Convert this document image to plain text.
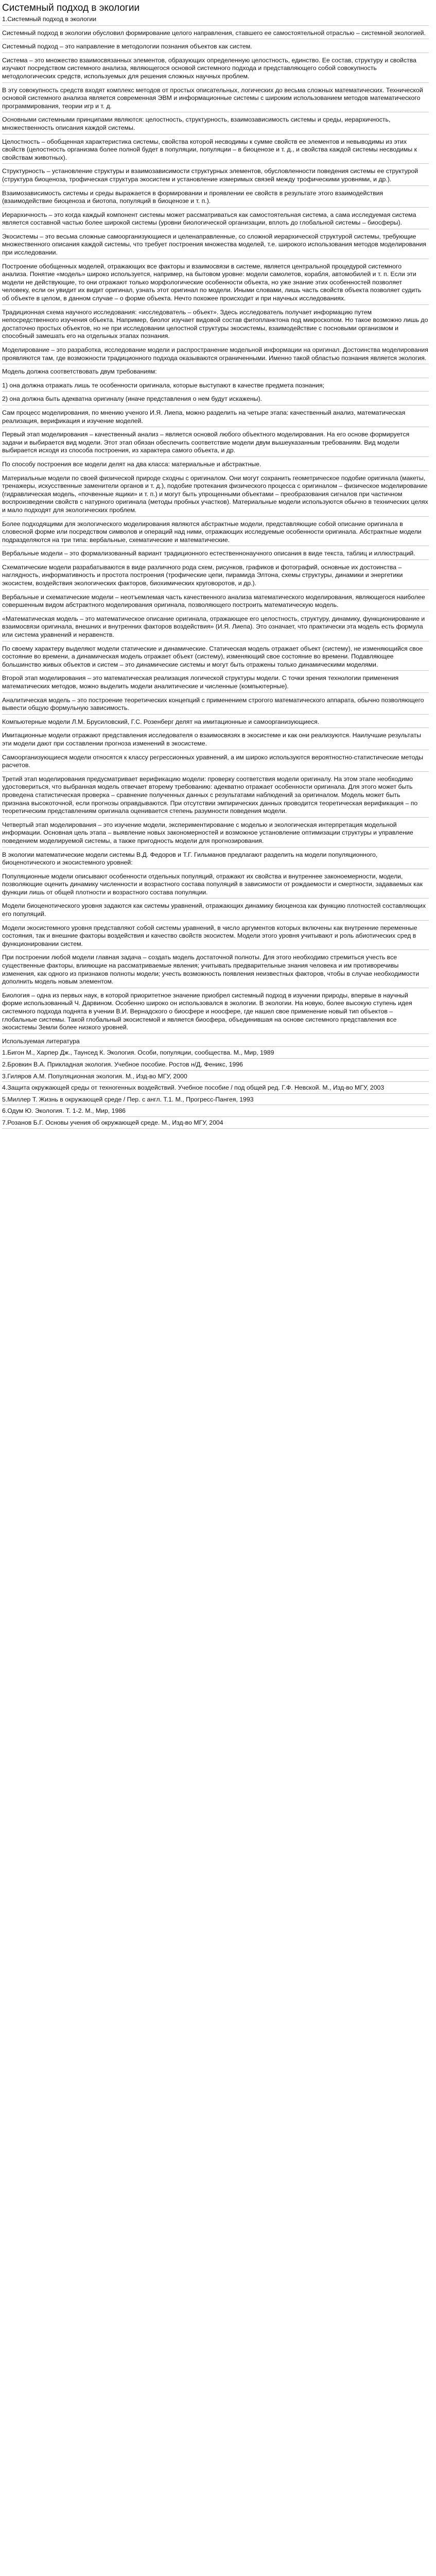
Системный подход в экологии

1.Системный подход в экологии

Системный подход в экологии обусловил формирование целого направления, ставшего ее самостоятельной отраслью – системной экологией.

Системный подход – это направление в методологии познания объектов как систем.

Система – это множество взаимосвязанных элементов, образующих определенную целостность, единство. Ее состав, структуру и свойства изучают посредством системного анализа, являющегося основой системного подхода и представляющего собой совокупность методологических средств, используемых для решения сложных научных проблем.

В эту совокупность средств входят комплекс методов от простых описательных, логических до весьма сложных математических. Технической основой системного анализа является современная ЭВМ и информационные системы с широким использованием методов математического программирования, теории игр и т. д.

Основными системными принципами являются: целостность, структурность, взаимозависимость системы и среды, иерархичность, множественность описания каждой системы.

Целостность – обобщенная характеристика системы, свойства которой несводимы к сумме свойств ее элементов и невыводимы из этих свойств (целостность организма более полной будет в популяции, популяции – в биоценозе и т. д., и свойства каждой системы несводимы к свойствам животных).

Структурность – установление структуры и взаимозависимости структурных элементов, обусловленности поведения системы ее структурой (структура биоценоза, трофическая структура экосистем и установление измеримых связей между трофическими уровнями, и др.).

Взаимозависимость системы и среды выражается в формировании и проявлении ее свойств в результате этого взаимодействия (взаимодействие биоценоза и биотопа, популяций в биоценозе и т. п.).

Иерархичность – это когда каждый компонент системы может рассматриваться как самостоятельная система, а сама исследуемая система является составной частью более широкой системы (уровни биологической организации, вплоть до глобальной системы – биосферы).

Экосистемы – это весьма сложные самоорганизующиеся и целенаправленные, со сложной иерархической структурой системы, требующие множественного описания каждой системы, что требует построения множества моделей, т.е. широкого использования методов моделирования при исследовании.

Построение обобщенных моделей, отражающих все факторы и взаимосвязи в системе, является центральной процедурой системного анализа. Понятие «модель» широко используется, например, на бытовом уровне: модели самолетов, корабля, автомобилей и т. п. Если эти модели не действующие, то они отражают только морфологические особенности объекта, но уже знание этих особенностей позволяет человеку, если он увидит их видит оригинал, узнать этот оригинал по модели. Иными словами, лишь часть свойств объекта позволяет судить об объекте в целом, в данном случае – о форме объекта. Нечто похожее происходит и при научных исследованиях.

Традиционная схема научного исследования: «исследователь – объект». Здесь исследователь получает информацию путем непосредственного изучения объекта. Например, биолог изучает видовой состав фитопланктона под микроскопом. Но такое возможно лишь до достаточно простых объектов, но не при исследовании целостной структуры экосистемы, взаимодействие с посновыми организмом и способный замешать его на отдельных этапах познания.

Моделирование – это разработка, исследование модели и распространение модельной информации на оригинал. Достоинства моделирования проявляются там, где возможности традиционного подхода оказываются ограниченными. Именно такой областью познания является экология.

Модель должна соответствовать двум требованиям:

1) она должна отражать лишь те особенности оригинала, которые выступают в качестве предмета познания;

2) она должна быть адекватна оригиналу (иначе представления о нем будут искажены).

Сам процесс моделирования, по мнению ученого И.Я. Лиепа, можно разделить на четыре этапа: качественный анализ, математическая реализация, верификация и изучение моделей.

Первый этап моделирования – качественный анализ – является основой любого объектного моделирования. На его основе формируется задачи и выбирается вид модели. Этот этап обязан обеспечить соответствие модели двум вышеуказанным требованиям. Вид модели выбирается исходя из способа построения, из характера самого объекта, и др.

По способу построения все модели делят на два класса: материальные и абстрактные.

Материальные модели по своей физической природе сходны с оригиналом. Они могут сохранить геометрическое подобие оригинала (макеты, тренажеры, искусственные заменители органов и т. д.), подобие протекания физического процесса с оригиналом – физическое моделирование (гидравлическая модель, «почвенные ящики» и т. п.) и могут быть упрощенными объектами – преобразования сигналов при частичном воспроизведении свойств с натурного оригинала (методы пробных участков). Материальные модели используются обычно в технических целях и мало подходят для экологических проблем.

Более подходящими для экологического моделирования являются абстрактные модели, представляющие собой описание оригинала в словесной форме или посредством символов и операций над ними, отражающих исследуемые особенности оригинала. Абстрактные модели подразделяются на три типа: вербальные, схематические и математические.

Вербальные модели – это формализованный вариант традиционного естественнонаучного описания в виде текста, таблиц и иллюстраций.

Схематические модели разрабатываются в виде различного рода схем, рисунков, графиков и фотографий, основные их достоинства – наглядность, информативность и простота построения (трофические цепи, пирамида Элтона, схемы структуры, динамики и энергетики экосистем, воздействия экологических факторов, биохимических круговоротов, и др.).

Вербальные и схематические модели – неотъемлемая часть качественного анализа математического моделирования, являющегося наиболее совершенным видом абстрактного моделирования оригинала, позволяющего построить математическую модель.

«Математическая модель – это математическое описание оригинала, отражающее его целостность, структуру, динамику, функционирование и взаимосвязи оригинала, внешних и внутренних факторов воздействия» (И.Я. Лиепа). Это означает, что практически эта модель есть формула или система уравнений и неравенств.

По своему характеру выделяют модели статические и динамические. Статическая модель отражает объект (систему), не изменяющийся свое состояние во времени, а динамическая модель отражает объект (систему), изменяющий свое состояние во времени. Подавляющее большинство живых объектов и систем – это динамические системы и могут быть отражены только динамическими моделями.

Второй этап моделирования – это математическая реализация логической структуры модели. С точки зрения технологии применения математических методов, можно выделить модели аналитические и численные (компьютерные).

Аналитическая модель – это построение теоретических концепций с применением строгого математического аппарата, обычно позволяющего вывести общую формульную зависимость.

Компьютерные модели Л.М. Брусиловский, Г.С. Розенберг делят на имитационные и самоорганизующиеся.

Имитационные модели отражают представления исследователя о взаимосвязях в экосистеме и как они реализуются. Наилучшие результаты эти модели дают при составлении прогноза изменений в экосистеме.

Самоорганизующиеся модели относятся к классу регрессионных уравнений, а им широко используются вероятностно-статистические методы расчетов.

Третий этап моделирования предусматривает верификацию модели: проверку соответствия модели оригиналу. На этом этапе необходимо удостовериться, что выбранная модель отвечает вторему требованию: адекватно отражает особенности оригинала. Для этого может быть проведена статистическая проверка – сравнение полученных данных с результатами наблюдений за оригиналом. Модель может быть признана высокоточной, если прогнозы оправдываются. При отсутствии эмпирических данных проводится теоретическая верификация – по теоретическим представлениям оригинала оценивается степень разумности поведения модели.

Четвертый этап моделирования – это изучение модели, экспериментирование с моделью и экологическая интерпретация модельной информации. Основная цель этапа – выявление новых закономерностей и возможное установление оптимизации структуры и управление поведением моделируемой системы, а также пригодность модели для прогнозирования.

В экологии математические модели системы В.Д. Федоров и Т.Г. Гильманов предлагают разделить на модели популяционного, биоценотического и экосистемного уровней:

Популяционные модели описывают особенности отдельных популяций, отражают их свойства и внутреннее законоемерности, модели, позволяющие оценить динамику численности и возрастного состава популяций в зависимости от рождаемости и смертности, задаваемых как функции лишь от общей плотности и возрастного состава популяции.

Модели биоценотического уровня задаются как системы уравнений, отражающих динамику биоценоза как функцию плотностей составляющих его популяций.

Модели экосистемного уровня представляют собой системы уравнений, в число аргументов которых включены как внутренние переменные состояния, так и внешние факторы воздействия и качество свойств экосистем. Модели этого уровня учитывают и роль абиотических сред в функционировании систем.

При построении любой модели главная задача – создать модель достаточной полноты. Для этого необходимо стремиться учесть все существенные факторы, влияющие на рассматриваемые явления; учитывать предварительные знания человека и им противоречивы изменения, как одного из признаков полноты модели; учесть возможность появления неизвестных факторов, чтобы в случае необходимости дополнить модель новым элементом.

Биология – одна из первых наук, в которой приоритетное значение приобрел системный подход в изучении природы, впервые в научный форме использованный Ч. Дарвином. Особенно широко он использовался в экологии. В экологии. На новую, более высокую ступень идея системного подхода поднята в учении В.И. Вернадского о биосфере и ноосфере, где нашел свое применение новый тип объектов – глобальные системы. Такой глобальный экосистемой и является биосфера, объединившая на основе системного представления все экосистемы Земли более низкого уровней.

Используемая литература

1.Бигон М., Харпер Дж., Таунсед К. Экология. Особи, популяции, сообщества. М., Мир, 1989

2.Бровкин В.А. Прикладная экология. Учебное пособие. Ростов н/Д, Феникс, 1996

3.Гиляров А.М. Популяционная экология. М., Изд-во МГУ, 2000

4.Защита окружающей среды от техногенных воздействий. Учебное пособие / под общей ред. Г.Ф. Невской. М., Изд-во МГУ, 2003

5.Миллер Т. Жизнь в окружающей среде / Пер. с англ. Т.1. М., Прогресс-Пангея, 1993

6.Одум Ю. Экология. Т. 1-2. М., Мир, 1986

7.Розанов Б.Г. Основы учения об окружающей среде. М., Изд-во МГУ, 2004
